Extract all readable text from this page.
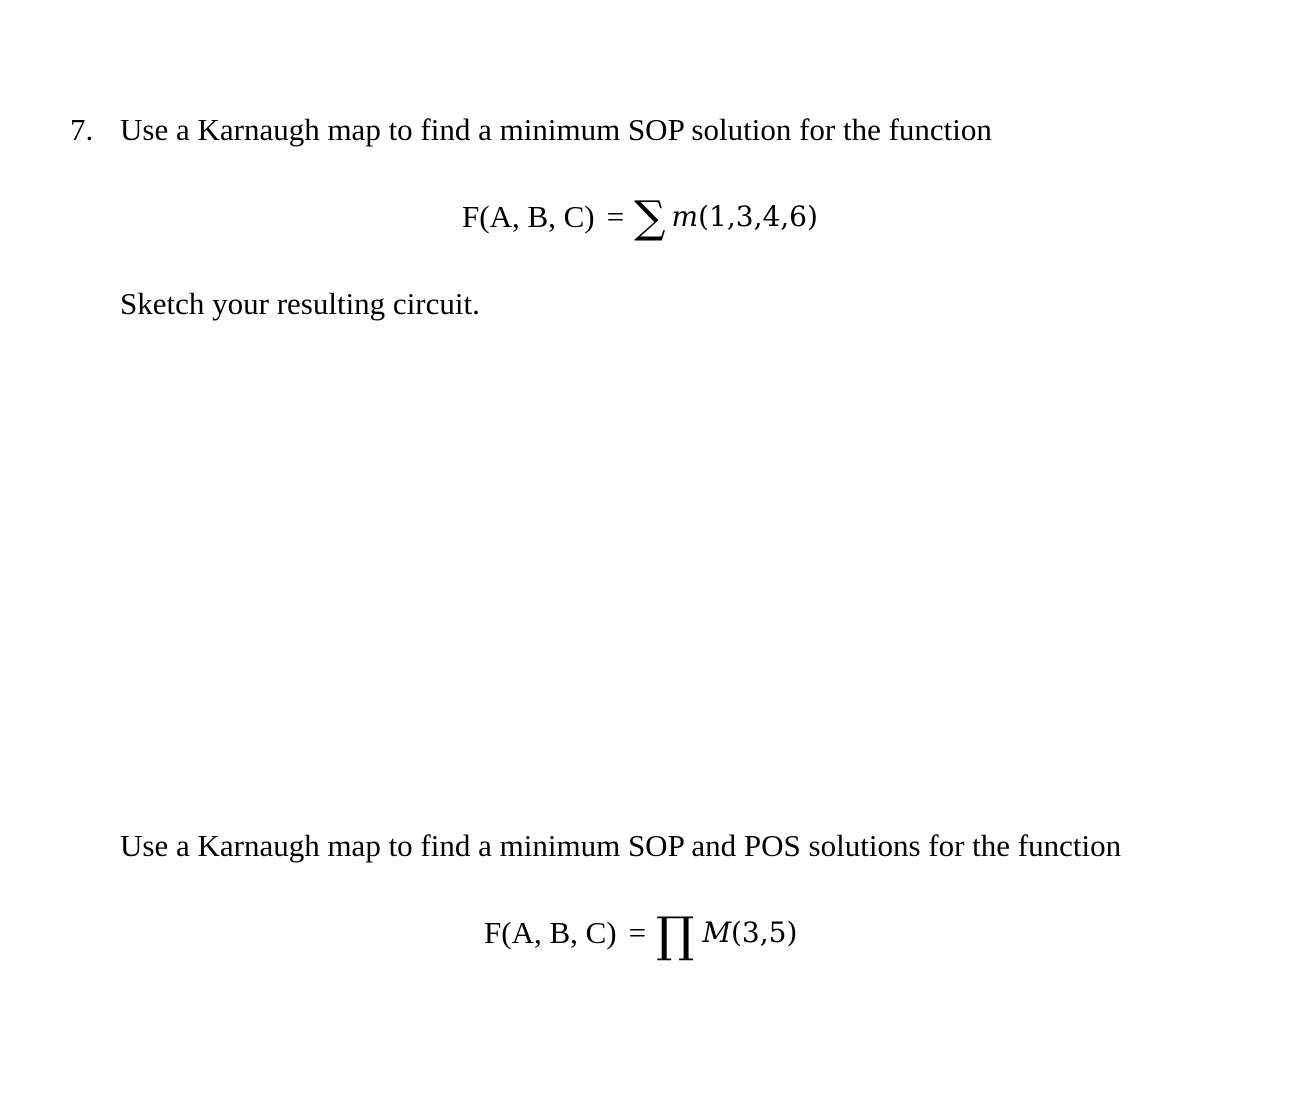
7. Use a Karnaugh map to find a minimum SOP solution for the function
F(A, B, C) = ∑ m (1,3,4,6)
Sketch your resulting circuit.
Use a Karnaugh map to find a minimum SOP and POS solutions for the function
F(A, B, C) = ∏ M (3,5)
